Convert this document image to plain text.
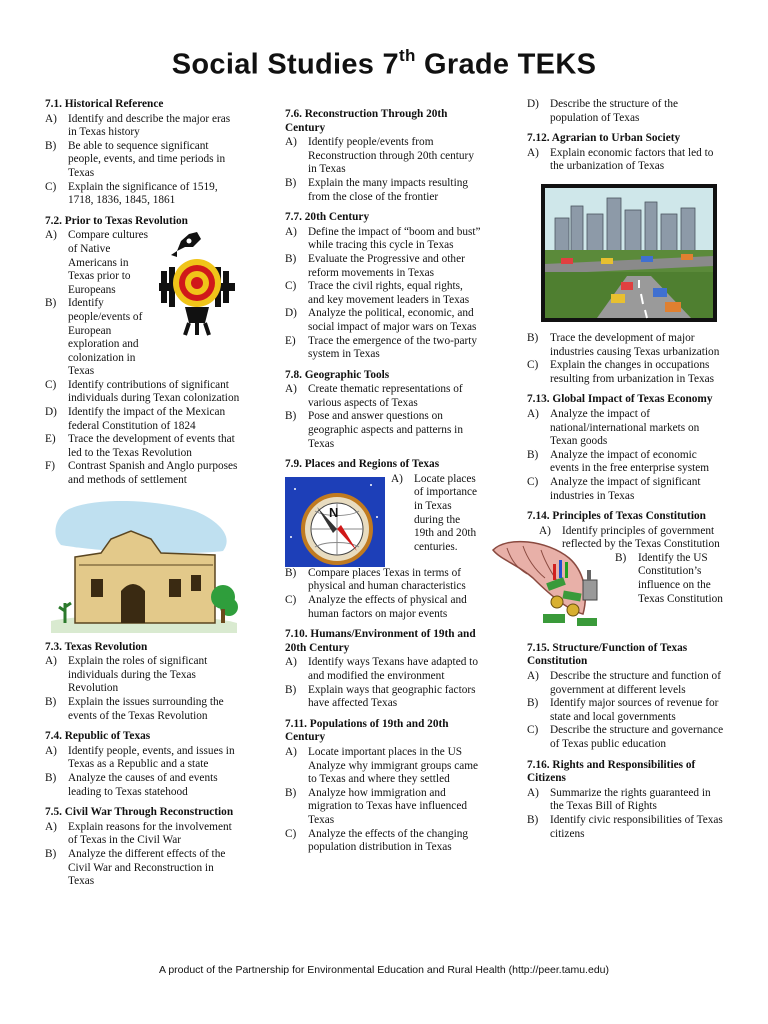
Social Studies 7th Grade TEKS
7.1. Historical Reference
A) Identify and describe the major eras in Texas history
B)	Be able to sequence significant people, events, and time periods in Texas
C)	Explain the significance of 1519, 1718, 1836, 1845, 1861
7.2. Prior to Texas Revolution
A) Compare cultures of Native Americans in Texas prior to Europeans
B)	Identify people/events of European exploration and colonization in Texas
C)	Identify contributions of significant individuals during Texan colonization
D) Identify the impact of the Mexican federal Constitution of 1824
E)	Trace the development of events that led to the Texas Revolution
F)	Contrast Spanish and Anglo purposes and methods of settlement
7.3. Texas Revolution
A) Explain the roles of significant individuals during the Texas Revolution
B)	Explain the issues surrounding the events of the Texas Revolution
7.4. Republic of Texas
A) Identify people, events, and issues in Texas as a Republic and a state
B)	Analyze the causes of and events leading to Texas statehood
7.5. Civil War Through Reconstruction
A) Explain reasons for the involvement of Texas in the Civil War
B)	Analyze the different effects of the Civil War and Reconstruction in Texas
7.6. Reconstruction Through 20th Century
A) Identify people/events from Reconstruction through 20th century in Texas
B)	Explain the many impacts resulting from the close of the frontier
7.7. 20th Century
A) Define the impact of “boom and bust” while tracing this cycle in Texas
B)	Evaluate the Progressive and other reform movements in Texas
C)	Trace the civil rights, equal rights, and key movement leaders in Texas
D) Analyze the political, economic, and social impact of major wars on Texas
E)	Trace the emergence of the two-party system in Texas
7.8. Geographic Tools
A) Create thematic representations of various aspects of Texas
B)	Pose and answer questions on geographic aspects and patterns in Texas
7.9. Places and Regions of Texas
N
A) Locate places of importance in Texas during the 19th and 20th centuries.
B)	Compare places Texas in terms of physical and human characteristics
C)	Analyze the effects of physical and human factors on major events
7.10. Humans/Environment of 19th and 20th Century
A) Identify ways Texans have adapted to and modified the environment
B)	Explain ways that geographic factors have affected Texas
7.11. Populations of 19th and 20th Century
A) Locate important places in the US Analyze why immigrant groups came to Texas and where they settled
B)	Analyze how immigration and migration to Texas have influenced Texas
C)	Analyze the effects of the changing population distribution in Texas
D) Describe the structure of the population of Texas
7.12. Agrarian to Urban Society
A) Explain economic factors that led to the urbanization of Texas
B)	Trace the development of major industries causing Texas urbanization
C)	Explain the changes in occupations resulting from urbanization in Texas
7.13. Global Impact of Texas Economy
A) Analyze the impact of national/international markets on Texan goods
B)	Analyze the impact of economic events in the free enterprise system
C)	Analyze the impact of significant industries in Texas
7.14. Principles of Texas Constitution
A) Identify principles of government reflected by the Texas Constitution
B)	Identify the US Constitution’s influence on the Texas Constitution
7.15. Structure/Function of Texas Constitution
A) Describe the structure and function of government at different levels
B)	Identify major sources of revenue for state and local governments
C)	Describe the structure and governance of Texas public education
7.16. Rights and Responsibilities of Citizens
A) Summarize the rights guaranteed in the Texas Bill of Rights
B)	Identify civic responsibilities of Texas citizens
A product of the Partnership for Environmental Education and Rural Health (http://peer.tamu.edu)
